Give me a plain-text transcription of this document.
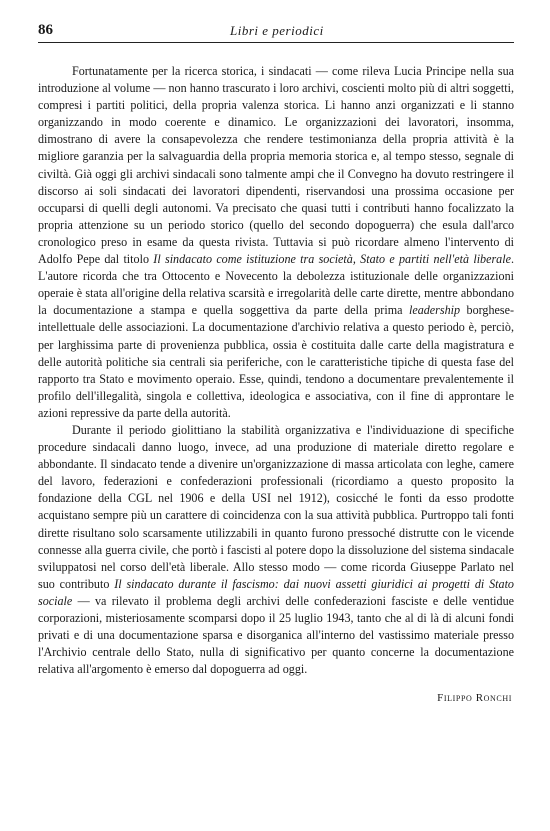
86	Libri e periodici

Fortunatamente per la ricerca storica, i sindacati — come rileva Lucia Principe nella sua introduzione al volume — non hanno trascurato i loro archivi, coscienti molto più di altri soggetti, compresi i partiti politici, della propria valenza storica. Li hanno anzi organizzati e li stanno organizzando in modo coerente e dinamico. Le organizzazioni dei lavoratori, insomma, dimostrano di avere la consapevolezza che rendere testimonianza della propria attività è la migliore garanzia per la salvaguardia della propria memoria storica e, al tempo stesso, segnale di civiltà. Già oggi gli archivi sindacali sono talmente ampi che il Convegno ha dovuto restringere il discorso ai soli sindacati dei lavoratori dipendenti, riservandosi una prossima occasione per occuparsi di quelli degli autonomi. Va precisato che quasi tutti i contributi hanno focalizzato la propria attenzione su un periodo storico (quello del secondo dopoguerra) che esula dall'arco cronologico preso in esame da questa rivista. Tuttavia si può ricordare almeno l'intervento di Adolfo Pepe dal titolo Il sindacato come istituzione tra società, Stato e partiti nell'età liberale. L'autore ricorda che tra Ottocento e Novecento la debolezza istituzionale delle organizzazioni operaie è stata all'origine della relativa scarsità e irregolarità delle carte dirette, mentre abbondano la documentazione a stampa e quella soggettiva da parte della prima leadership borghese-intellettuale delle associazioni. La documentazione d'archivio relativa a questo periodo è, perciò, per larghissima parte di provenienza pubblica, ossia è costituita dalle carte della magistratura e delle autorità politiche sia centrali sia periferiche, con le caratteristiche tipiche di questa fase del rapporto tra Stato e movimento operaio. Esse, quindi, tendono a documentare prevalentemente il profilo dell'illegalità, singola e collettiva, ideologica e associativa, con il fine di approntare le azioni repressive da parte della autorità.

Durante il periodo giolittiano la stabilità organizzativa e l'individuazione di specifiche procedure sindacali danno luogo, invece, ad una produzione di materiale diretto regolare e abbondante. Il sindacato tende a divenire un'organizzazione di massa articolata con leghe, camere del lavoro, federazioni e confederazioni professionali (ricordiamo a questo proposito la fondazione della CGL nel 1906 e della USI nel 1912), cosicché le fonti da esso prodotte acquistano sempre più un carattere di coincidenza con la sua attività pubblica. Purtroppo tali fonti dirette risultano solo scarsamente utilizzabili in quanto furono pressoché distrutte con le vicende connesse alla guerra civile, che portò i fascisti al potere dopo la dissoluzione del sistema sindacale sviluppatosi nel corso dell'età liberale. Allo stesso modo — come ricorda Giuseppe Parlato nel suo contributo Il sindacato durante il fascismo: dai nuovi assetti giuridici ai progetti di Stato sociale — va rilevato il problema degli archivi delle confederazioni fasciste e delle ventidue corporazioni, misteriosamente scomparsi dopo il 25 luglio 1943, tanto che al di là di alcuni fondi privati e di una documentazione sparsa e disorganica all'interno del vastissimo materiale presso l'Archivio centrale dello Stato, nulla di significativo per quanto concerne la documentazione relativa all'argomento è emerso dal dopoguerra ad oggi.

Filippo Ronchi
